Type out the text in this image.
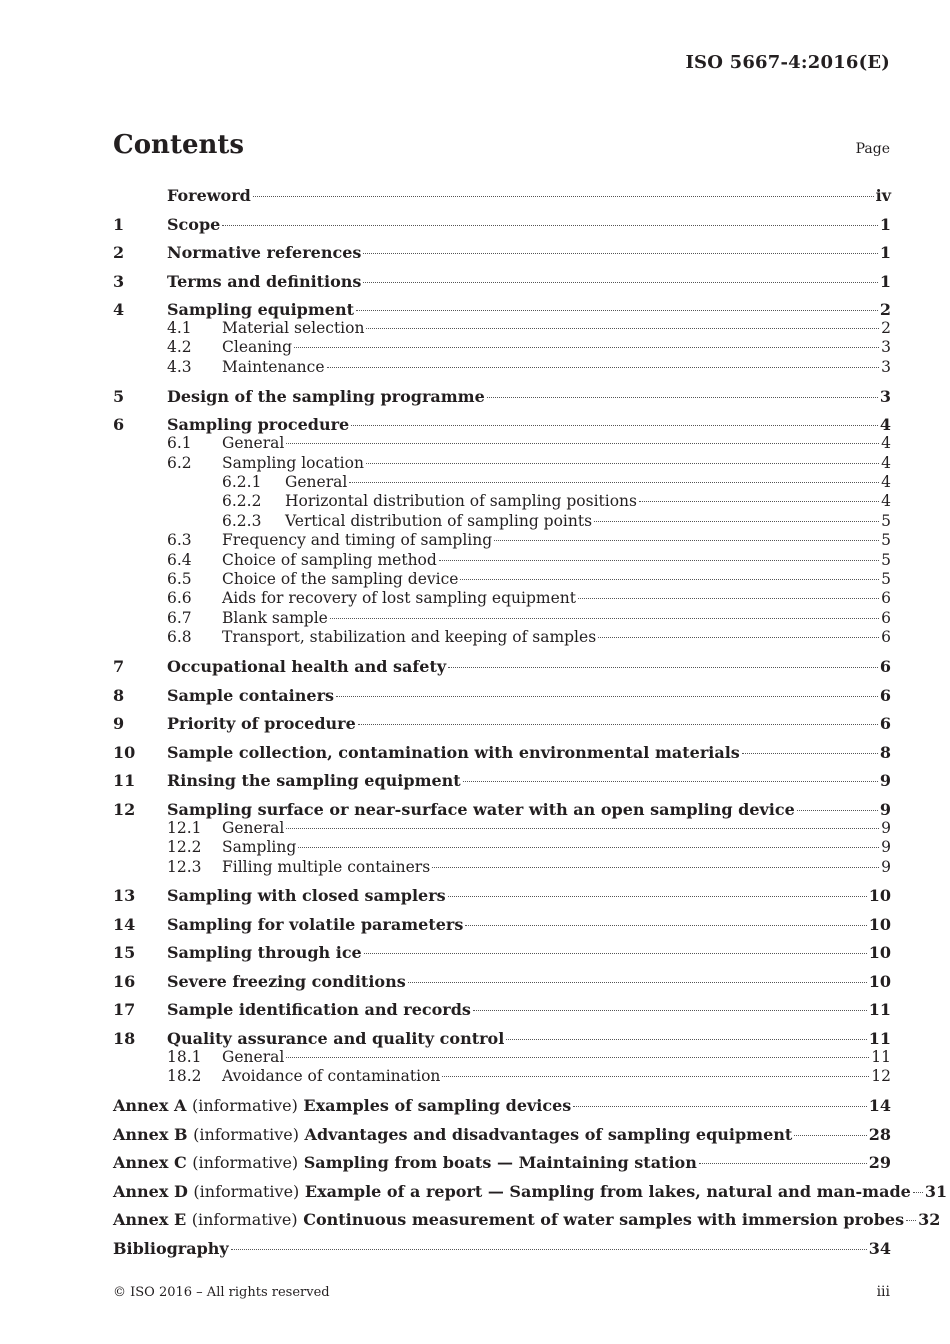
ISO 5667-4:2016(E)
Contents	Page
Foreword	iv
1	Scope	1
2	Normative references	1
3	Terms and definitions	1
4	Sampling equipment	2
4.1	Material selection	2
4.2	Cleaning	3
4.3	Maintenance	3
5	Design of the sampling programme	3
6	Sampling procedure	4
6.1	General	4
6.2	Sampling location	4
6.2.1	General	4
6.2.2	Horizontal distribution of sampling positions	4
6.2.3	Vertical distribution of sampling points	5
6.3	Frequency and timing of sampling	5
6.4	Choice of sampling method	5
6.5	Choice of the sampling device	5
6.6	Aids for recovery of lost sampling equipment	6
6.7	Blank sample	6
6.8	Transport, stabilization and keeping of samples	6
7	Occupational health and safety	6
8	Sample containers	6
9	Priority of procedure	6
10	Sample collection, contamination with environmental materials	8
11	Rinsing the sampling equipment	9
12	Sampling surface or near-surface water with an open sampling device	9
12.1	General	9
12.2	Sampling	9
12.3	Filling multiple containers	9
13	Sampling with closed samplers	10
14	Sampling for volatile parameters	10
15	Sampling through ice	10
16	Severe freezing conditions	10
17	Sample identification and records	11
18	Quality assurance and quality control	11
18.1	General	11
18.2	Avoidance of contamination	12
Annex A (informative) Examples of sampling devices	14
Annex B (informative) Advantages and disadvantages of sampling equipment	28
Annex C (informative) Sampling from boats — Maintaining station	29
Annex D (informative) Example of a report — Sampling from lakes, natural and man-made 31
Annex E (informative) Continuous measurement of water samples with immersion probes 32
Bibliography	34
© ISO 2016 – All rights reserved	iii
